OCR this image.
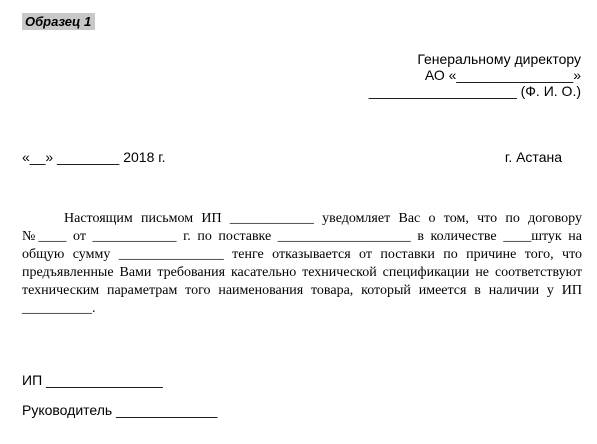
Образец 1
Генеральному директору
АО «_______________»
___________________ (Ф. И. О.)
«__» ________ 2018 г.	г. Астана
Настоящим письмом ИП ____________ уведомляет Вас о том, что по договору
№____ от ____________ г. по поставке ___________________ в количестве ____штук на
общую сумму _______________ тенге отказывается от поставки по причине того, что
предъявленные Вами требования касательно технической спецификации не соответствуют
техническим параметрам того наименования товара, который имеется в наличии у ИП
__________.
ИП _______________
Руководитель _____________
